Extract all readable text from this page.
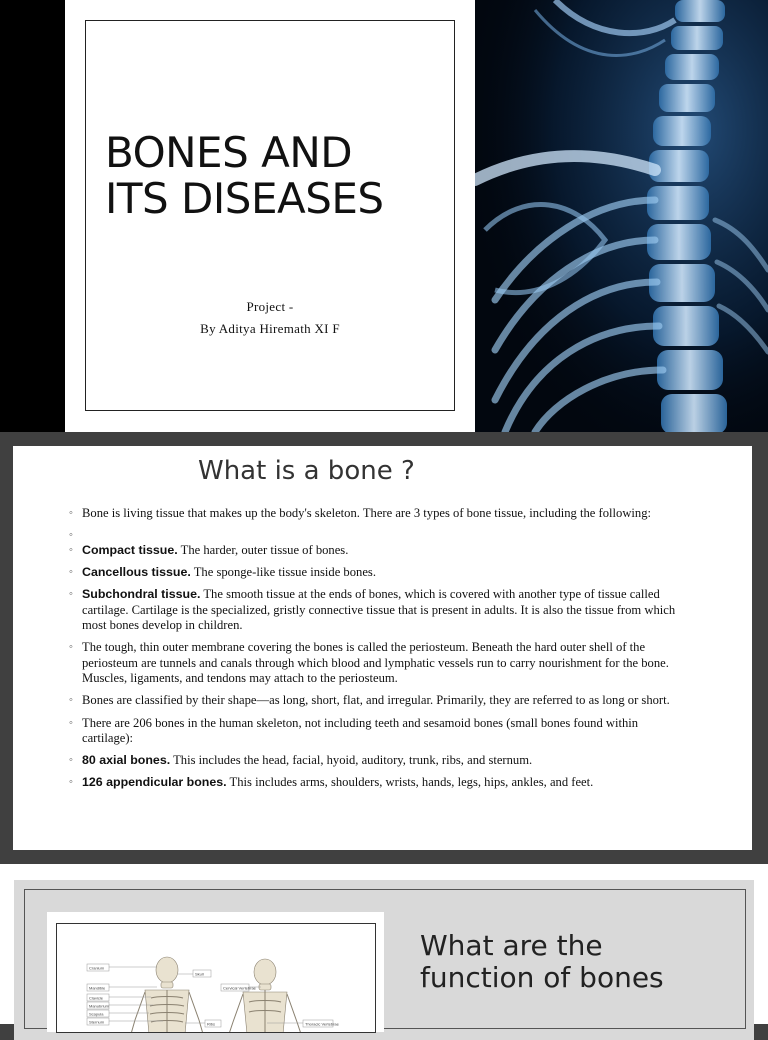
BONES AND
ITS DISEASES
Project -
By Aditya Hiremath XI F
What is a bone ?
◦ Bone is living tissue that makes up the body's skeleton. There are 3 types of bone tissue, including the following:
◦
◦ Compact tissue. The harder, outer tissue of bones.
◦ Cancellous tissue. The sponge-like tissue inside bones.
◦ Subchondral tissue. The smooth tissue at the ends of bones, which is covered with another type of tissue called cartilage. Cartilage is the specialized, gristly connective tissue that is present in adults. It is also the tissue from which most bones develop in children.
◦ The tough, thin outer membrane covering the bones is called the periosteum. Beneath the hard outer shell of the periosteum are tunnels and canals through which blood and lymphatic vessels run to carry nourishment for the bone. Muscles, ligaments, and tendons may attach to the periosteum.
◦ Bones are classified by their shape—as long, short, flat, and irregular. Primarily, they are referred to as long or short.
◦ There are 206 bones in the human skeleton, not including teeth and sesamoid bones (small bones found within cartilage):
◦ 80 axial bones. This includes the head, facial, hyoid, auditory, trunk, ribs, and sternum.
◦ 126 appendicular bones. This includes arms, shoulders, wrists, hands, legs, hips, ankles, and feet.
Cranium
Skull
Mandible	Cervical Vertebrae
Clavicle
Manubrium
Scapula
Sternum	Ribs	Thoracic Vertebrae
What are the
function of bones
